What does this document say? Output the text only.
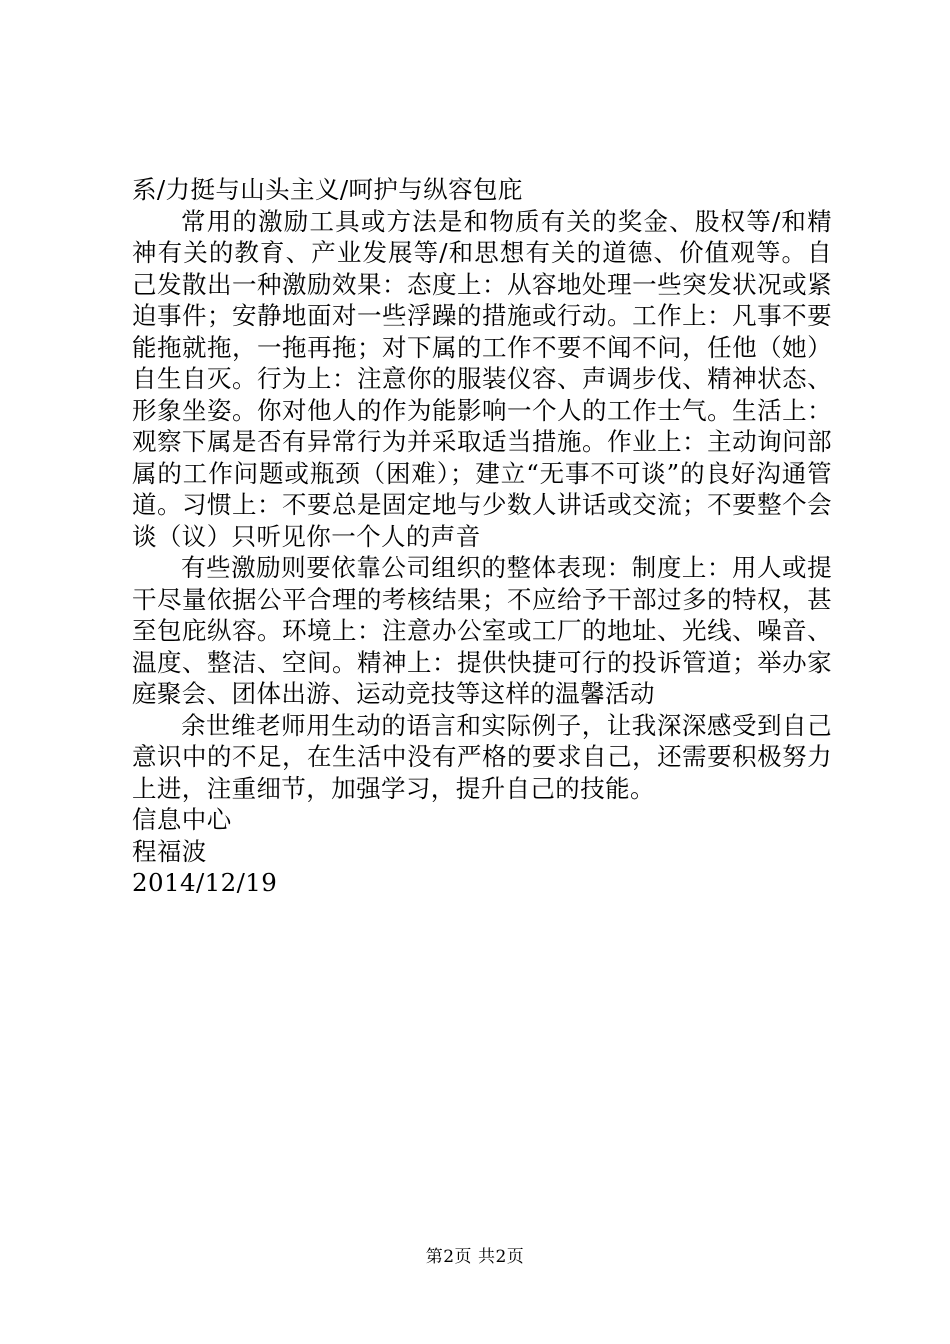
系/力挺与山头主义/呵护与纵容包庇

常用的激励工具或方法是和物质有关的奖金、股权等/和精神有关的教育、产业发展等/和思想有关的道德、价值观等。自己发散出一种激励效果：态度上：从容地处理一些突发状况或紧迫事件；安静地面对一些浮躁的措施或行动。工作上：凡事不要能拖就拖，一拖再拖；对下属的工作不要不闻不问，任他（她）自生自灭。行为上：注意你的服装仪容、声调步伐、精神状态、形象坐姿。你对他人的作为能影响一个人的工作士气。生活上：观察下属是否有异常行为并采取适当措施。作业上：主动询问部属的工作问题或瓶颈（困难）；建立“无事不可谈”的良好沟通管道。习惯上：不要总是固定地与少数人讲话或交流；不要整个会谈（议）只听见你一个人的声音

有些激励则要依靠公司组织的整体表现：制度上：用人或提干尽量依据公平合理的考核结果；不应给予干部过多的特权，甚至包庇纵容。环境上：注意办公室或工厂的地址、光线、噪音、温度、整洁、空间。精神上：提供快捷可行的投诉管道；举办家庭聚会、团体出游、运动竞技等这样的温馨活动

余世维老师用生动的语言和实际例子，让我深深感受到自己意识中的不足，在生活中没有严格的要求自己，还需要积极努力上进，注重细节，加强学习，提升自己的技能。

信息中心

程福波

2014/12/19

第2页 共2页
